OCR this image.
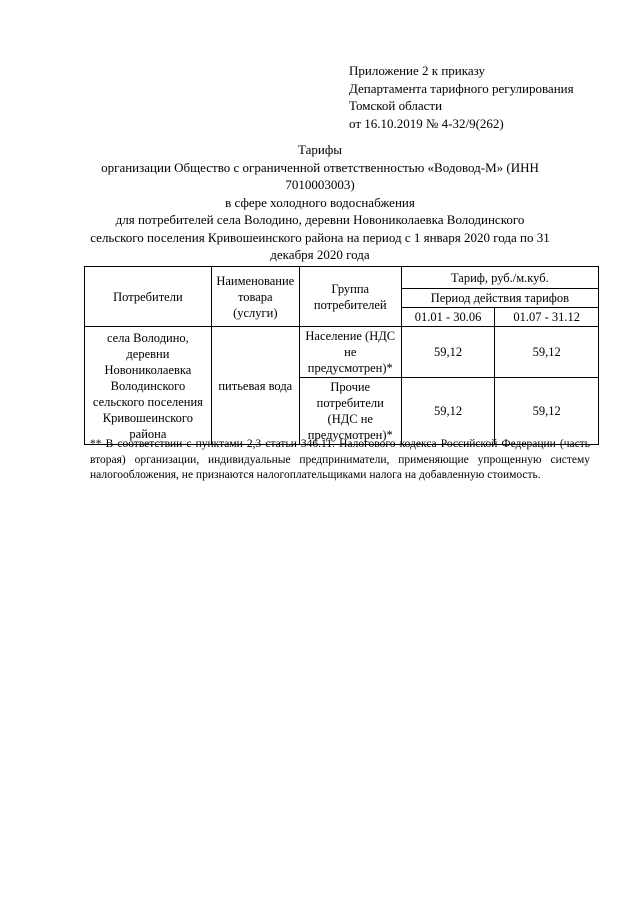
Приложение 2 к приказу
Департамента тарифного регулирования
Томской области
от 16.10.2019 № 4-32/9(262)
Тарифы
организации Общество с ограниченной ответственностью «Водовод-М» (ИНН
7010003003)
в сфере холодного водоснабжения
для потребителей села Володино, деревни Новониколаевка Володинского
сельского поселения Кривошеинского района на период с 1 января 2020 года по 31
декабря 2020 года
Потребители	Наименование товара (услуги)	Группа потребителей	Тариф, руб./м.куб.	
			Период действия тарифов	
			01.01 - 30.06	01.07 - 31.12
села Володино, деревни Новониколаевка Володинского сельского поселения Кривошеинского района	питьевая вода	Население (НДС не предусмотрен)*	59,12	59,12
		Прочие потребители (НДС не предусмотрен)*	59,12	59,12
** В соответствии с пунктами 2,3 статьи 346.11. Налогового кодекса Российской Федерации (часть вторая) организации, индивидуальные предприниматели, применяющие упрощенную систему налогообложения, не признаются налогоплательщиками налога на добавленную стоимость.
